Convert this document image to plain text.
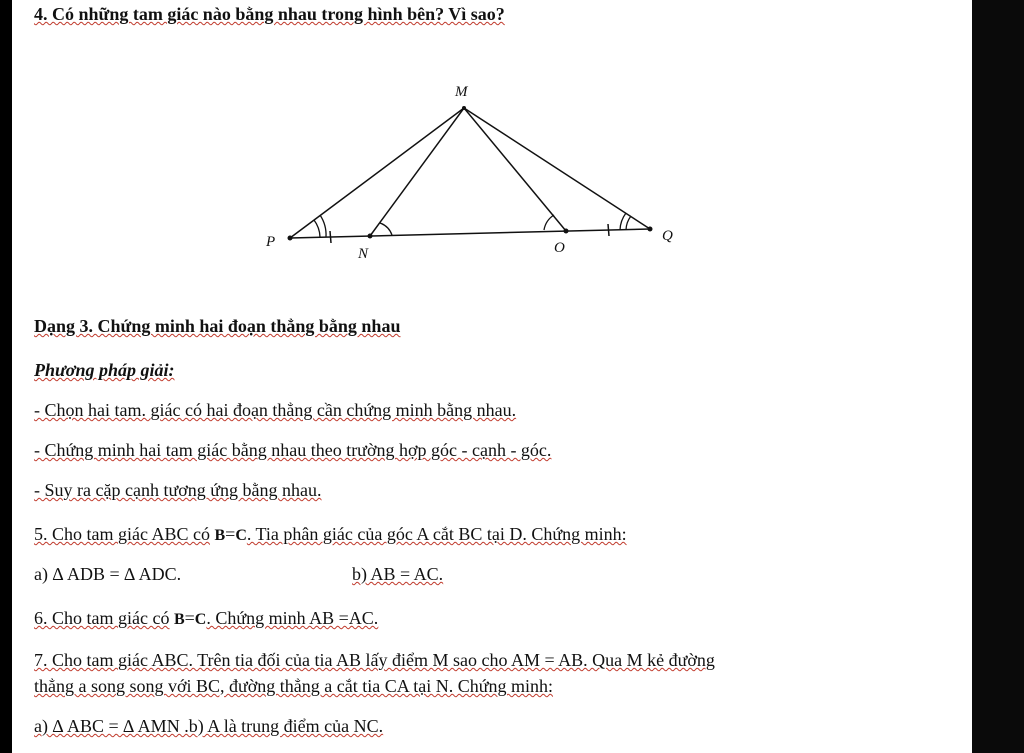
4. Có những tam giác nào bằng nhau trong hình bên? Vì sao?
M
P
N	O
Q
Dạng 3. Chứng minh hai đoạn thẳng bằng nhau
Phương pháp giải:
- Chọn hai tam. giác có hai đoạn thẳng cần chứng minh bằng nhau.
- Chứng minh hai tam giác bằng nhau theo trường hợp góc - cạnh - góc.
- Suy ra cặp cạnh tương ứng bằng nhau.
5. Cho tam giác ABC có B=C. Tia phân giác của góc A cắt BC tại D. Chứng minh:
a) ∆ ADB = ∆ ADC.	b) AB = AC.
6. Cho tam giác có B=C. Chứng minh AB =AC.
7. Cho tam giác ABC. Trên tia đối của tia AB lấy điểm M sao cho AM = AB. Qua M kẻ đường
thẳng a song song với BC, đường thẳng a cắt tia CA tại N. Chứng minh:
a) ∆ ABC = ∆ AMN .b) A là trung điểm của NC.
